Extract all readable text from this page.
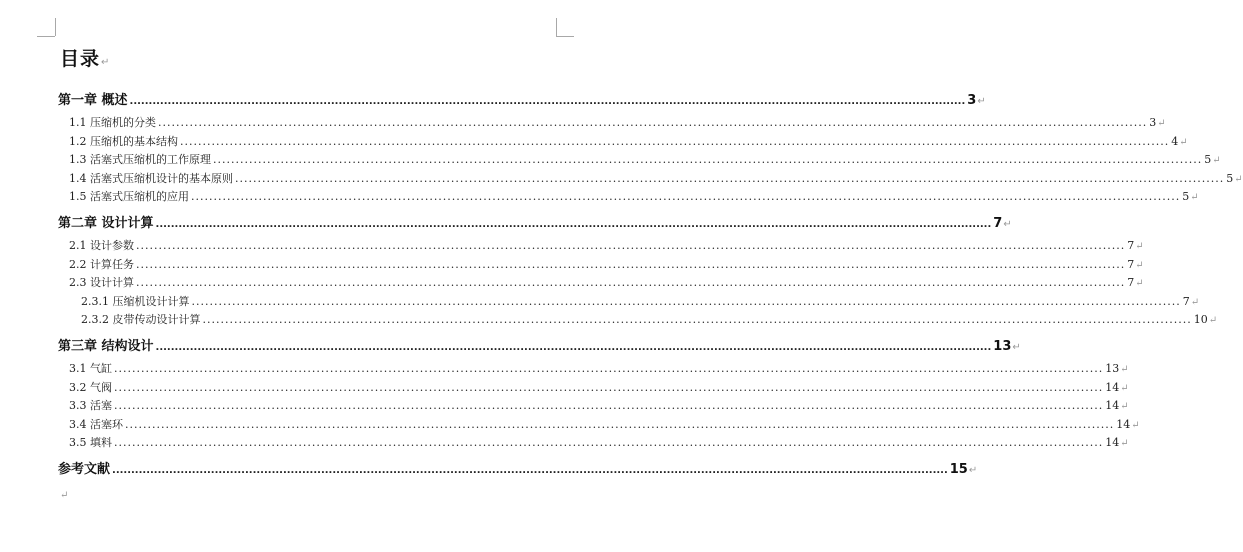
目录↵
第一章 概述 ............................................................................................................................................................................................................................ 3 ↵
1.1 压缩机的分类 ............................................................................................................................................................................................................................ 3 ↵
1.2 压缩机的基本结构 ............................................................................................................................................................................................................................ 4 ↵
1.3 活塞式压缩机的工作原理 ............................................................................................................................................................................................................................ 5 ↵
1.4 活塞式压缩机设计的基本原则 ............................................................................................................................................................................................................................ 5 ↵
1.5 活塞式压缩机的应用 ............................................................................................................................................................................................................................ 5 ↵
第二章 设计计算 ............................................................................................................................................................................................................................ 7 ↵
2.1 设计参数 ............................................................................................................................................................................................................................ 7 ↵
2.2 计算任务 ............................................................................................................................................................................................................................ 7 ↵
2.3 设计计算 ............................................................................................................................................................................................................................ 7 ↵
2.3.1 压缩机设计计算 ............................................................................................................................................................................................................................ 7 ↵
2.3.2 皮带传动设计计算 ............................................................................................................................................................................................................................ 10 ↵
第三章 结构设计 ............................................................................................................................................................................................................................ 13 ↵
3.1 气缸 ............................................................................................................................................................................................................................ 13 ↵
3.2 气阀 ............................................................................................................................................................................................................................ 14 ↵
3.3 活塞 ............................................................................................................................................................................................................................ 14 ↵
3.4 活塞环 ............................................................................................................................................................................................................................ 14 ↵
3.5 填料 ............................................................................................................................................................................................................................ 14 ↵
参考文献 ............................................................................................................................................................................................................................ 15 ↵
↵
